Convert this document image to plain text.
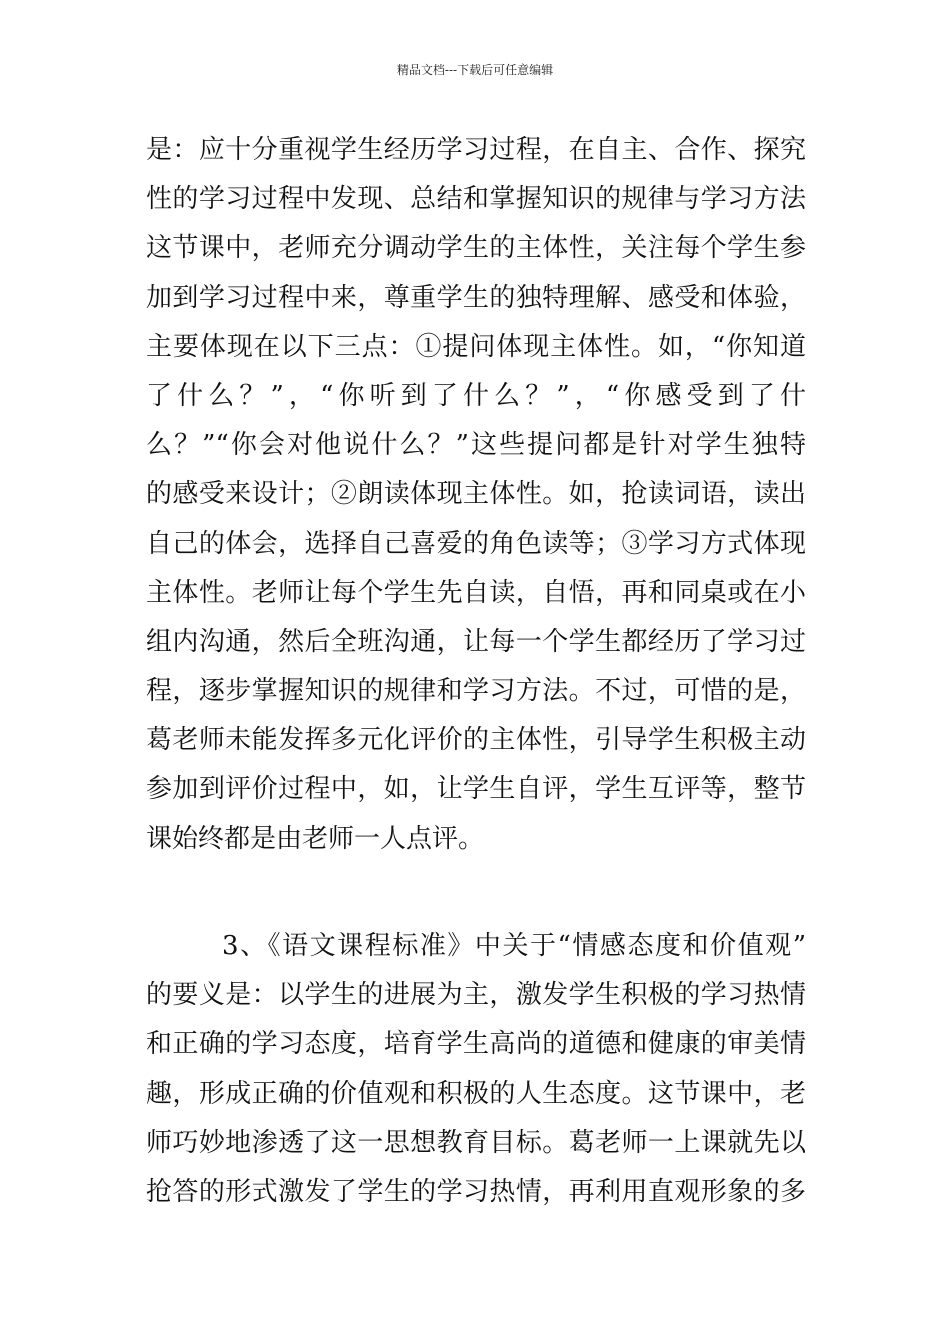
精品文档---下载后可任意编辑
是：应十分重视学生经历学习过程，在自主、合作、探究
性的学习过程中发现、总结和掌握知识的规律与学习方法
这节课中，老师充分调动学生的主体性，关注每个学生参
加到学习过程中来，尊重学生的独特理解、感受和体验，
主要体现在以下三点：①提问体现主体性。如，“你知道
了什么？”，“你听到了什么？”，“你感受到了什
么？”“你会对他说什么？”这些提问都是针对学生独特
的感受来设计；②朗读体现主体性。如，抢读词语，读出
自己的体会，选择自己喜爱的角色读等；③学习方式体现
主体性。老师让每个学生先自读，自悟，再和同桌或在小
组内沟通，然后全班沟通，让每一个学生都经历了学习过
程，逐步掌握知识的规律和学习方法。不过，可惜的是，
葛老师未能发挥多元化评价的主体性，引导学生积极主动
参加到评价过程中，如，让学生自评，学生互评等，整节
课始终都是由老师一人点评。
3、《语文课程标准》中关于“情感态度和价值观”
的要义是：以学生的进展为主，激发学生积极的学习热情
和正确的学习态度，培育学生高尚的道德和健康的审美情
趣，形成正确的价值观和积极的人生态度。这节课中，老
师巧妙地渗透了这一思想教育目标。葛老师一上课就先以
抢答的形式激发了学生的学习热情，再利用直观形象的多
